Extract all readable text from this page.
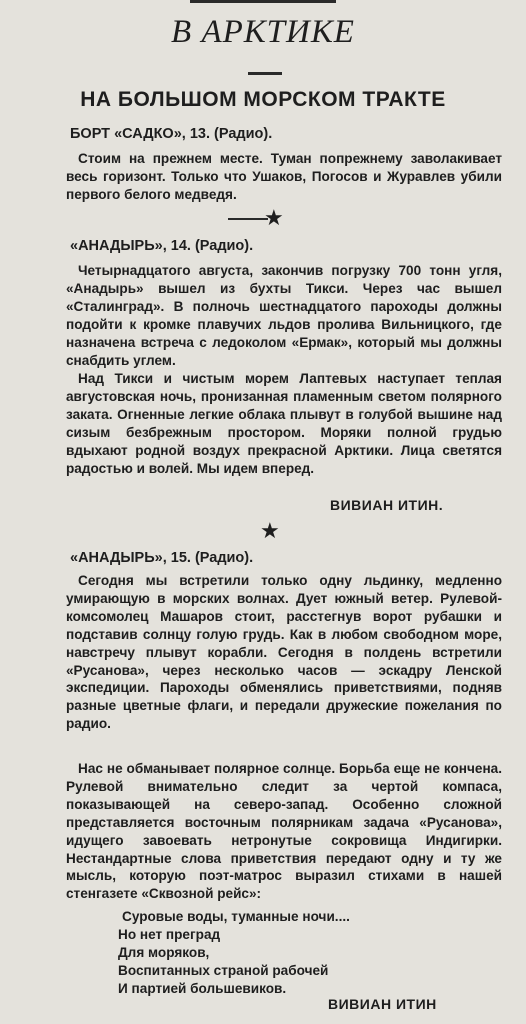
В АРКТИКЕ
НА БОЛЬШОМ МОРСКОМ ТРАКТЕ
БОРТ «САДКО», 13. (Радио).
Стоим на прежнем месте. Туман попрежнему заволакивает весь горизонт. Только что Ушаков, Погосов и Журавлев убили первого белого медведя.
★
«АНАДЫРЬ», 14. (Радио).
Четырнадцатого августа, закончив погрузку 700 тонн угля, «Анадырь» вышел из бухты Тикси. Через час вышел «Сталинград». В полночь шестнадцатого пароходы должны подойти к кромке плавучих льдов пролива Вильницкого, где назначена встреча с ледоколом «Ермак», который мы должны снабдить углем.
Над Тикси и чистым морем Лаптевых наступает теплая августовская ночь, пронизанная пламенным светом полярного заката. Огненные легкие облака плывут в голубой вышине над сизым безбрежным простором. Моряки полной грудью вдыхают родной воздух прекрасной Арктики. Лица светятся радостью и волей. Мы идем вперед.
ВИВИАН ИТИН.
★
«АНАДЫРЬ», 15. (Радио).
Сегодня мы встретили только одну льдинку, медленно умирающую в морских волнах. Дует южный ветер. Рулевой-комсомолец Машаров стоит, расстегнув ворот рубашки и подставив солнцу голую грудь. Как в любом свободном море, навстречу плывут корабли. Сегодня в полдень встретили «Русанова», через несколько часов — эскадру Ленской экспедиции. Пароходы обменялись приветствиями, подняв разные цветные флаги, и передали дружеские пожелания по радио.
Нас не обманывает полярное солнце. Борьба еще не кончена. Рулевой внимательно следит за чертой компаса, показывающей на северо-запад. Особенно сложной представляется восточным полярникам задача «Русанова», идущего завоевать нетронутые сокровища Индигирки. Нестандартные слова приветствия передают одну и ту же мысль, которую поэт-матрос выразил стихами в нашей стенгазете «Сквозной рейс»:
Суровые воды, туманные ночи....
Но нет преград
Для моряков,
Воспитанных страной рабочей
И партией большевиков.
ВИВИАН ИТИН
